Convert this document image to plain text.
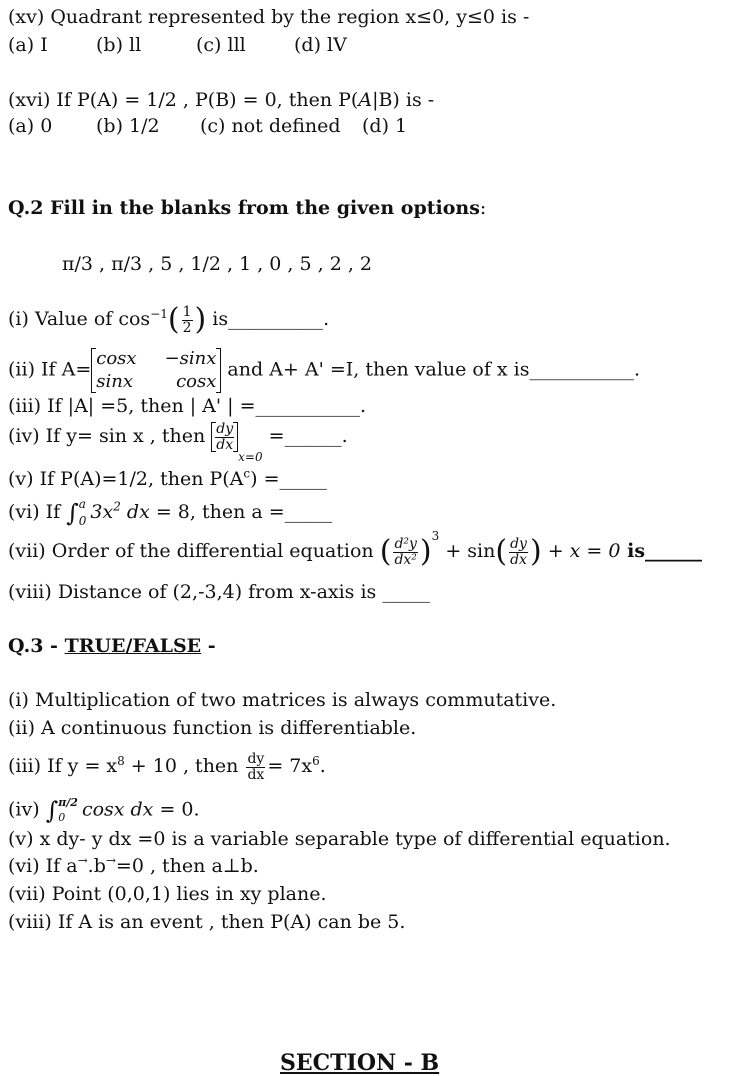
(xv) Quadrant represented by the region x≤0, y≤0 is -
(a) I	(b) ll	(c) lll	(d) lV
(xvi) If P(A) = 1/2 , P(B) = 0, then P(A|B) is -
(a) 0 (b) 1/2 (c) not defined (d) 1
Q.2 Fill in the blanks from the given options:
π/3 , π/3 , 5 , 1/2 , 1 , 0 , 5 , 2 , 2
(i) Value of $\cos^{-1}( \frac{1}{2}$ ) is__________.
(ii) If A= cosx −sinx
sinx cosx
and A+ A' =I, then value of x is___________.
(iii) If |A| =5, then | A' | =___________.
(iv) If y= sin x , then $\frac{dy}{dx}$
$_{x=0}$ =______.
(v) If P(A)=1/2, then $P(A^c)$ =_____
(vi) If ∫ a
0 $3x^2$ dx = 8, then a =_____
(vii) Order of the differential equation ( $\frac{\text{d²y}}{\text{dx²}} )^3 + \sin( \frac{dy}{dx}$ ) + x = 0 is______
(viii) Distance of (2,-3,4) from x-axis is _____
Q.3 - TRUE/FALSE -
(i) Multiplication of two matrices is always commutative.
(ii) A continuous function is differentiable.
(iii) If $y = x^8 + 10$ , then $\frac{dy}{dx} = 7x^6$.
(iv) ∫ π/2
0 cosx dx = 0.
(v) x dy- y dx =0 is a variable separable type of differential equation.
(vi) If a→.b→=0 , then a⊥b.
(vii) Point (0,0,1) lies in xy plane.
(viii) If A is an event , then P(A) can be 5.
SECTION - B
